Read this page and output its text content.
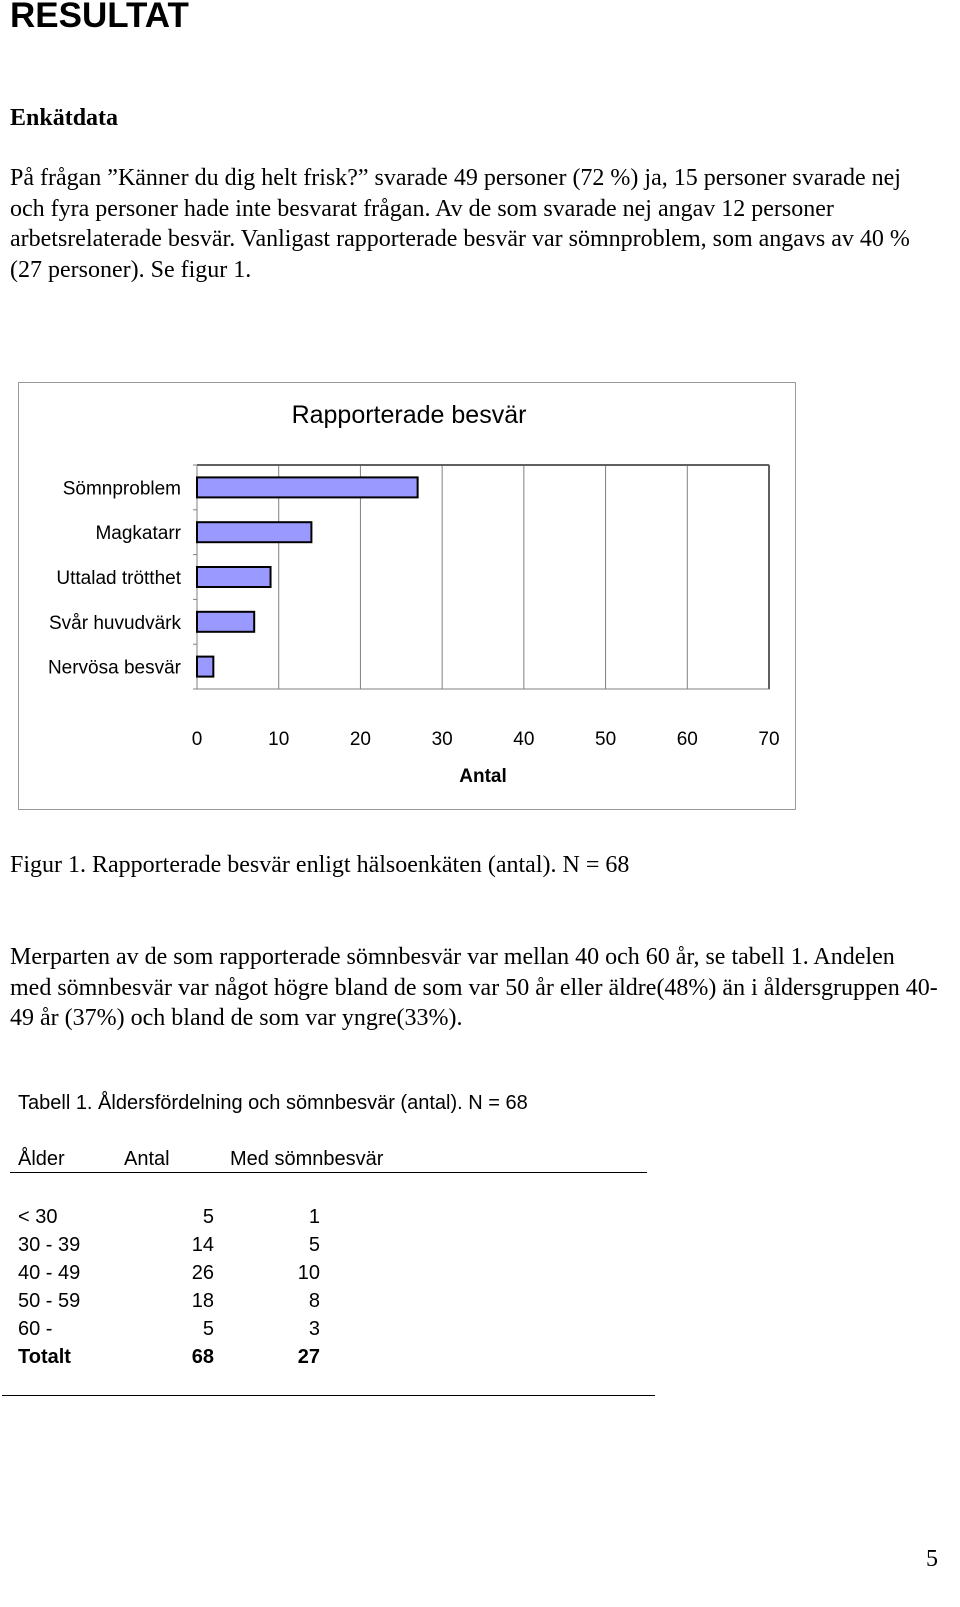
RESULTAT
Enkätdata
På frågan ”Känner du dig helt frisk?” svarade 49 personer (72 %) ja, 15 personer svarade nej och fyra personer hade inte besvarat frågan. Av de som svarade nej angav 12 personer arbetsrelaterade besvär. Vanligast rapporterade besvär var sömnproblem, som angavs av 40 % (27 personer). Se figur 1.
Sömnproblem
Magkatarr
Uttalad trötthet
Svår huvudvärk
Nervösa besvär
0	10	20	30	40	50	60	70
Antal
Rapporterade besvär
Figur 1. Rapporterade besvär enligt hälsoenkäten (antal). N = 68
Merparten av de som rapporterade sömnbesvär var mellan 40 och 60 år, se tabell 1. Andelen med sömnbesvär var något högre bland de som var 50 år eller äldre(48%) än i åldersgruppen 40-49 år (37%) och bland de som var yngre(33%).
Tabell 1. Åldersfördelning och sömnbesvär (antal). N = 68
Ålder	Antal	Med sömnbesvär
< 30	5	1
30 - 39	14	5
40 - 49	26	10
50 - 59	18	8
60 -	5	3
Totalt	68	27
5
